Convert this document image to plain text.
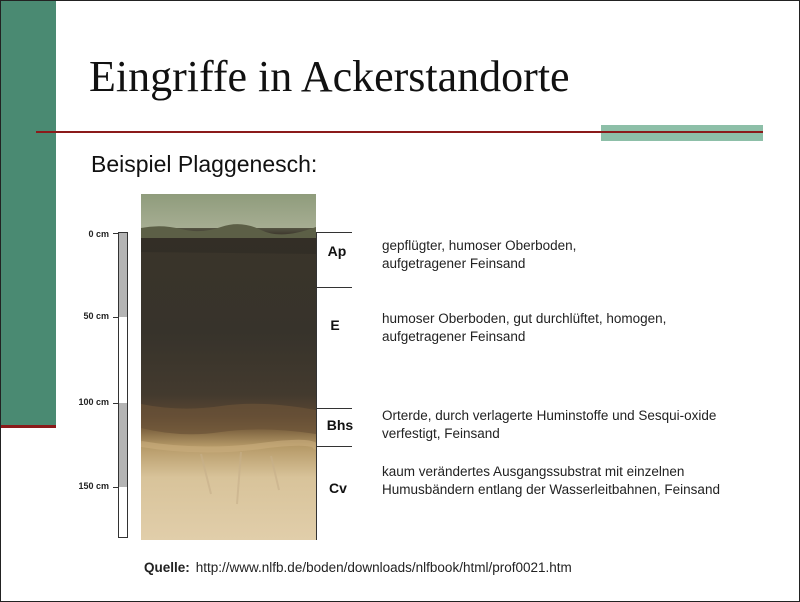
Eingriffe in Ackerstandorte
Beispiel Plaggenesch:
0 cm
50 cm
100 cm
150 cm
Ap
E
Bhs
Cv
gepflügter, humoser Oberboden, aufgetragener Feinsand
humoser Oberboden, gut durchlüftet, homogen, aufgetragener Feinsand
Orterde, durch verlagerte Huminstoffe und Sesqui-oxide verfestigt, Feinsand
kaum verändertes Ausgangssubstrat mit einzelnen Humusbändern entlang der Wasserleitbahnen, Feinsand
Quelle: http://www.nlfb.de/boden/downloads/nlfbook/html/prof0021.htm
